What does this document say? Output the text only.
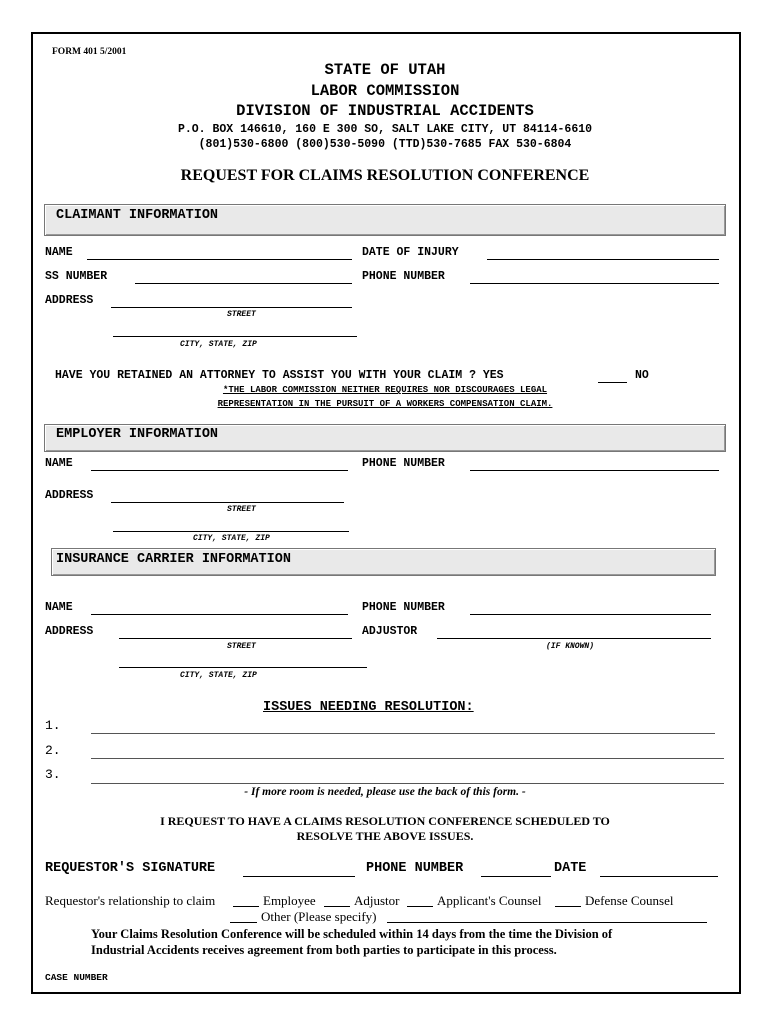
FORM 401 5/2001
STATE OF UTAH
LABOR COMMISSION
DIVISION OF INDUSTRIAL ACCIDENTS
P.O. BOX 146610, 160 E 300 SO, SALT LAKE CITY, UT 84114-6610
(801)530-6800 (800)530-5090 (TTD)530-7685 FAX 530-6804
REQUEST FOR CLAIMS RESOLUTION CONFERENCE
CLAIMANT INFORMATION
NAME	DATE OF INJURY
SS NUMBER	PHONE NUMBER
ADDRESS
STREET
CITY, STATE, ZIP
HAVE YOU RETAINED AN ATTORNEY TO ASSIST YOU WITH YOUR CLAIM ? YES	NO
*THE LABOR COMMISSION NEITHER REQUIRES NOR DISCOURAGES LEGAL
REPRESENTATION IN THE PURSUIT OF A WORKERS COMPENSATION CLAIM.
EMPLOYER INFORMATION
NAME	PHONE NUMBER
ADDRESS
STREET
CITY, STATE, ZIP
INSURANCE CARRIER INFORMATION
NAME	PHONE NUMBER
ADDRESS	ADJUSTOR
STREET	(IF KNOWN)
CITY, STATE, ZIP
ISSUES NEEDING RESOLUTION:
1.
2.
3.
- If more room is needed, please use the back of this form. -
I REQUEST TO HAVE A CLAIMS RESOLUTION CONFERENCE SCHEDULED TO
RESOLVE THE ABOVE ISSUES.
REQUESTOR'S SIGNATURE	PHONE NUMBER	DATE
Requestor's relationship to claim	Employee	Adjustor	Applicant's Counsel	Defense Counsel
Other (Please specify)
Your Claims Resolution Conference will be scheduled within 14 days from the time the Division of
Industrial Accidents receives agreement from both parties to participate in this process.
CASE NUMBER
